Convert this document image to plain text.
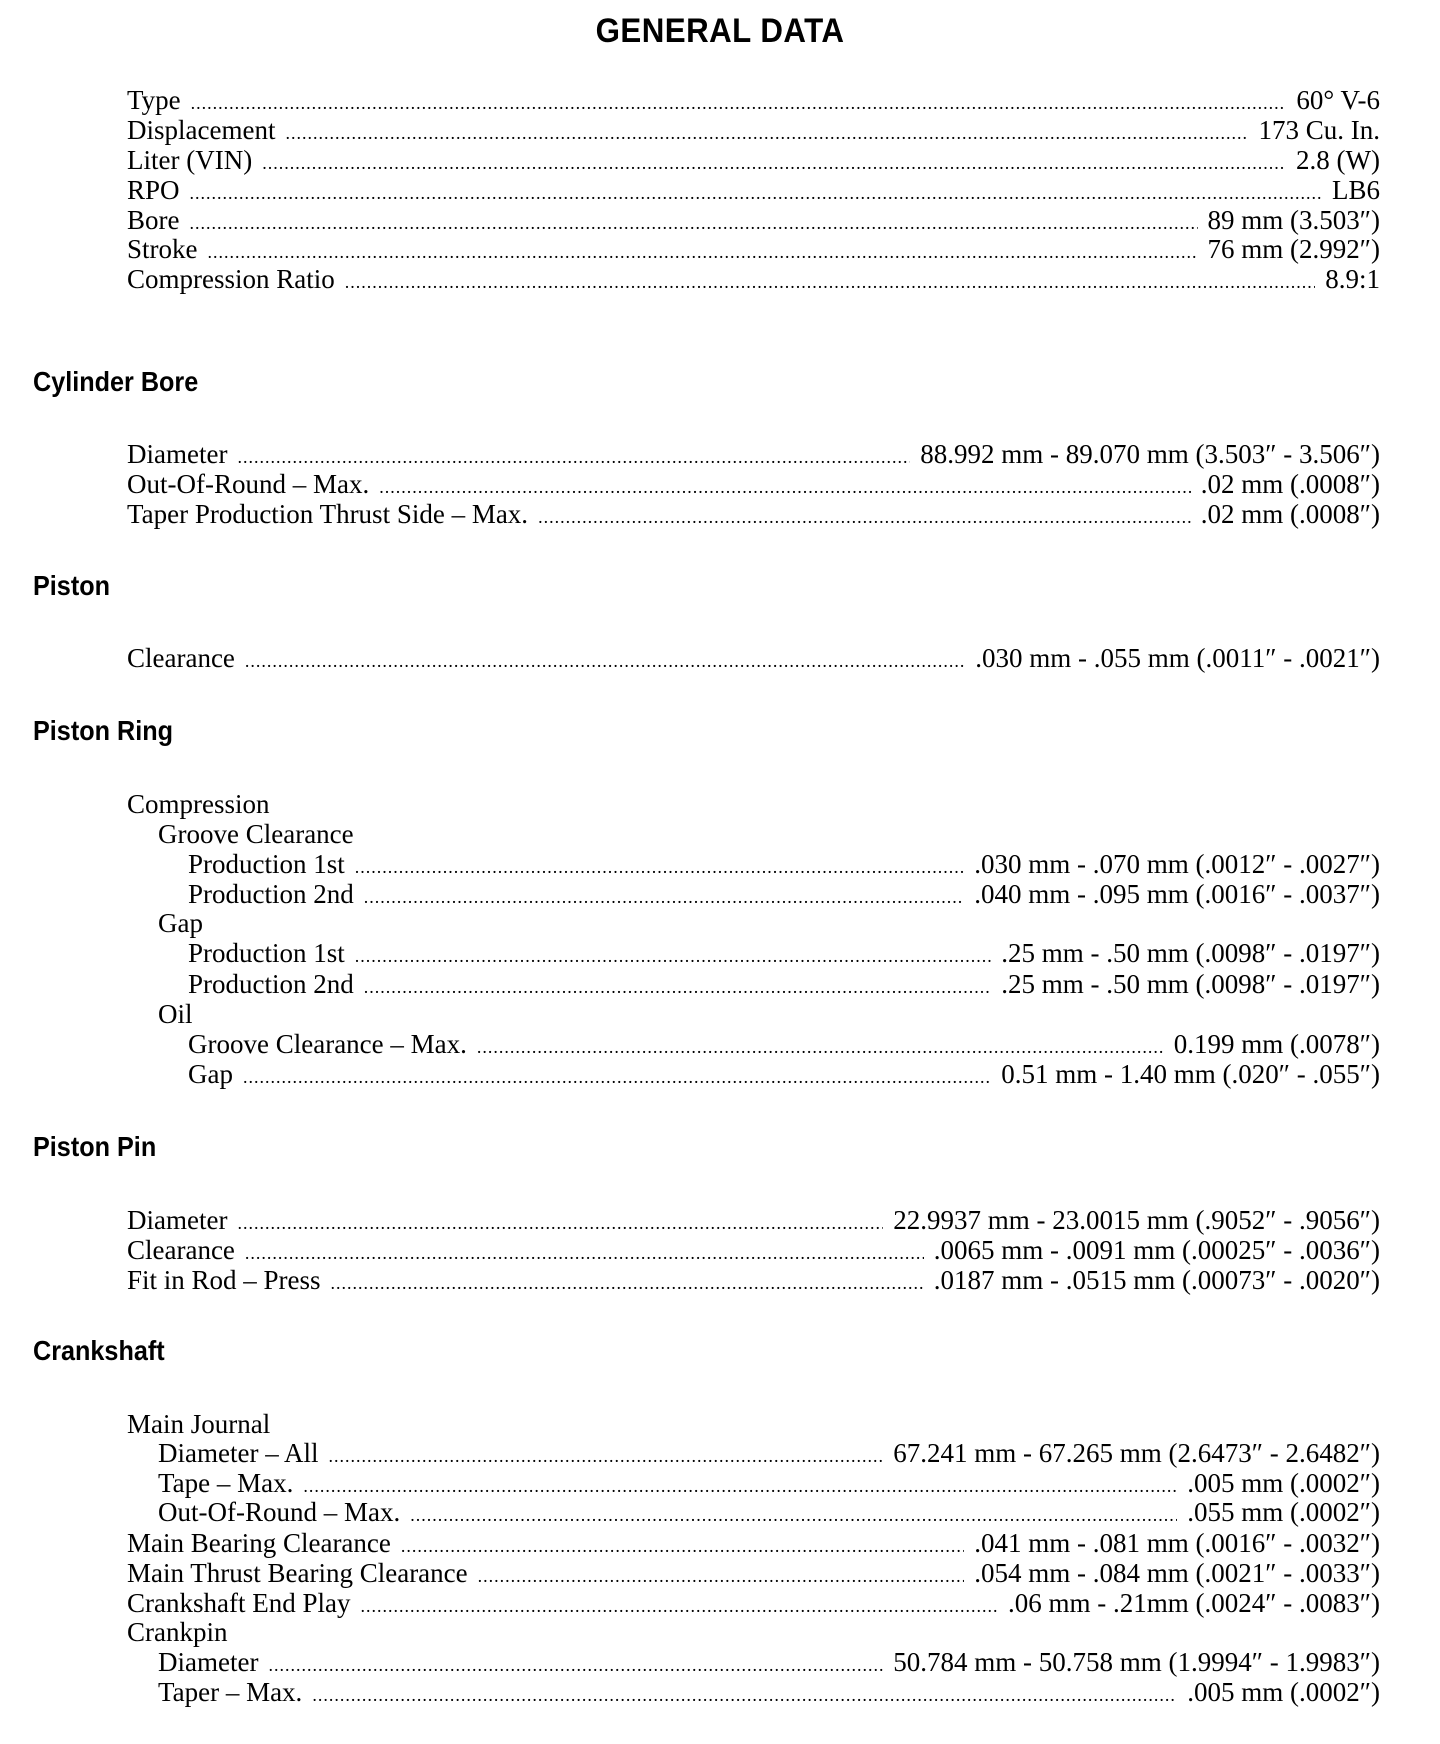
GENERAL DATA
Type .....	60° V-6
Displacement .....	173 Cu. In.
Liter (VIN) .....	2.8 (W)
RPO .....	LB6
Bore .....	89 mm (3.503″)
Stroke .....	76 mm (2.992″)
Compression Ratio .....	8.9:1
Cylinder Bore
Diameter .....	88.992 mm - 89.070 mm (3.503″ - 3.506″)
Out-Of-Round – Max. .....	.02 mm (.0008″)
Taper Production Thrust Side – Max. .....	.02 mm (.0008″)
Piston
Clearance .....	.030 mm - .055 mm (.0011″ - .0021″)
Piston Ring
Compression
Groove Clearance
Production 1st .....	.030 mm - .070 mm (.0012″ - .0027″)
Production 2nd .....	.040 mm - .095 mm (.0016″ - .0037″)
Gap
Production 1st .....	.25 mm - .50 mm (.0098″ - .0197″)
Production 2nd .....	.25 mm - .50 mm (.0098″ - .0197″)
Oil
Groove Clearance – Max. .....	0.199 mm (.0078″)
Gap .....	0.51 mm - 1.40 mm (.020″ - .055″)
Piston Pin
Diameter .....	22.9937 mm - 23.0015 mm (.9052″ - .9056″)
Clearance .....	.0065 mm - .0091 mm (.00025″ - .0036″)
Fit in Rod – Press .....	.0187 mm - .0515 mm (.00073″ - .0020″)
Crankshaft
Main Journal
Diameter – All .....	67.241 mm - 67.265 mm (2.6473″ - 2.6482″)
Tape – Max. .....	.005 mm (.0002″)
Out-Of-Round – Max. .....	.055 mm (.0002″)
Main Bearing Clearance .....	.041 mm - .081 mm (.0016″ - .0032″)
Main Thrust Bearing Clearance .....	.054 mm - .084 mm (.0021″ - .0033″)
Crankshaft End Play .....	.06 mm - .21mm (.0024″ - .0083″)
Crankpin
Diameter .....	50.784 mm - 50.758 mm (1.9994″ - 1.9983″)
Taper – Max. .....	.005 mm (.0002″)
